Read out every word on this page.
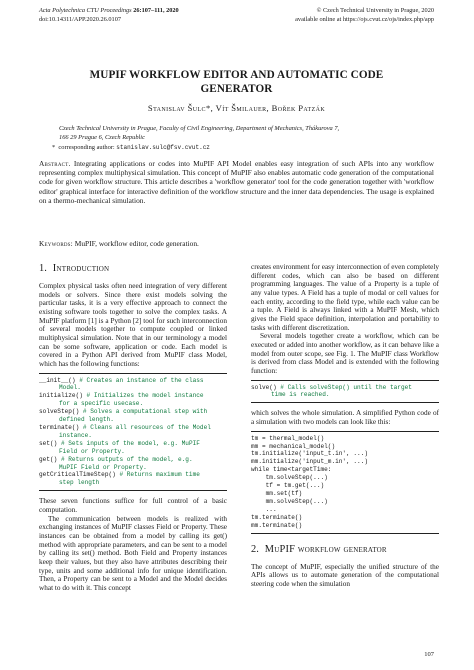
Acta Polytechnica CTU Proceedings 26:107–111, 2020
doi:10.14311/APP.2020.26.0107
© Czech Technical University in Prague, 2020
available online at https://ojs.cvut.cz/ojs/index.php/app
MUPIF WORKFLOW EDITOR AND AUTOMATIC CODE
GENERATOR
Stanislav Šulc*, Vít Šmilauer, Bořek Patzák
Czech Technical University in Prague, Faculty of Civil Engineering, Department of Mechanics, Thákurova 7,
166 29 Prague 6, Czech Republic
* corresponding author: stanislav.sulc@fsv.cvut.cz
Abstract. Integrating applications or codes into MuPIF API Model enables easy integration of such APIs into any workflow representing complex multiphysical simulation. This concept of MuPIF also enables automatic code generation of the computational code for given workflow structure. This article describes a 'workflow generator' tool for the code generation together with 'workflow editor' graphical interface for interactive definition of the workflow structure and the inner data dependencies. The usage is explained on a thermo-mechanical simulation.
Keywords: MuPIF, workflow editor, code generation.
1. Introduction

Complex physical tasks often need integration of very different models or solvers. Since there exist models solving the particular tasks, it is a very effective approach to connect the existing software tools together to solve the complex tasks. A MuPIF platform [1] is a Python [2] tool for such interconnection of several models together to compute coupled or linked multiphysical simulation. Note that in our terminology a model can be some software, application or code. Each model is covered in a Python API derived from MuPIF class Model, which has the following functions:

__init__() # Creates an instance of the class
Model.
initialize() # Initializes the model instance
for a specific usecase.
solveStep() # Solves a computational step with
defined length.
terminate() # Cleans all resources of the Model
instance.
set() # Sets inputs of the model, e.g. MuPIF
Field or Property.
get() # Returns outputs of the model, e.g.
MuPIF Field or Property.
getCriticalTimeStep() # Returns maximum time
step length

These seven functions suffice for full control of a basic computation.

The communication between models is realized with exchanging instances of MuPIF classes Field or Property. These instances can be obtained from a model by calling its get() method with appropriate parameters, and can be sent to a model by calling its set() method. Both Field and Property instances keep their values, but they also have attributes describing their type, units and some additional info for unique identification. Then, a Property can be sent to a Model and the Model decides what to do with it. This concept

creates environment for easy interconnection of even completely different codes, which can also be based on different programming languages. The value of a Property is a tuple of any value types. A Field has a tuple of modal or cell values for each entity, according to the field type, while each value can be a tuple. A Field is always linked with a MuPIF Mesh, which gives the Field space definition, interpolation and portability to tasks with different discretization.

Several models together create a workflow, which can be executed or added into another workflow, as it can behave like a model from outer scope, see Fig. 1. The MuPIF class Workflow is derived from class Model and is extended with the following function:

solve() # Calls solveStep() until the target
time is reached.

which solves the whole simulation. A simplified Python code of a simulation with two models can look like this:

tm = thermal_model()
mm = mechanical_model()
tm.initialize('input_t.in', ...)
mm.initialize('input_m.in', ...)
while time<targetTime:
tm.solveStep(...)
tf = tm.get(...)
mm.set(tf)
mm.solveStep(...)
...
tm.terminate()
mm.terminate()
2. MuPIF workflow generator

The concept of MuPIF, especially the unified structure of the APIs allows us to automate generation of the computational steering code when the simulation

107
